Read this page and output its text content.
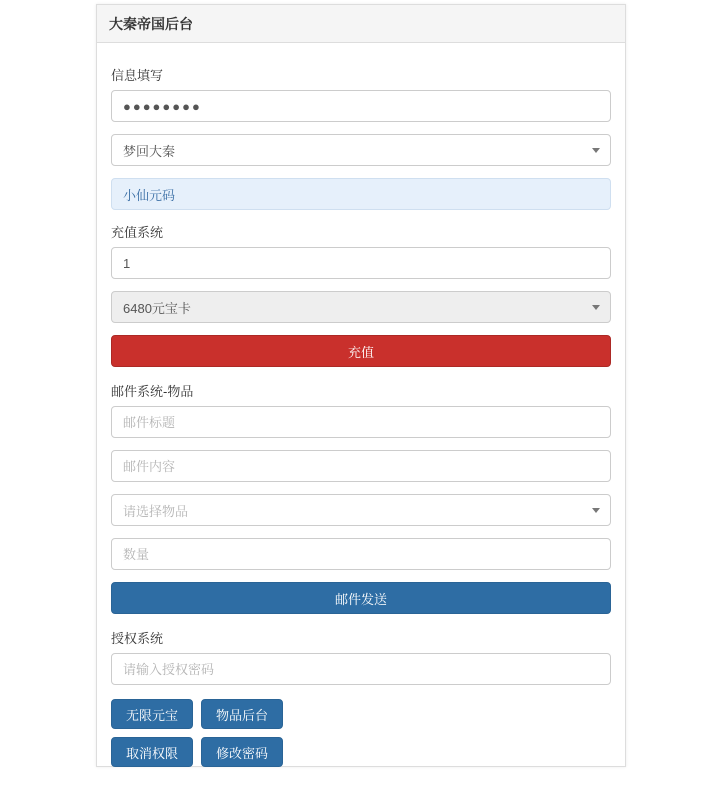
大秦帝国后台
信息填写
●●●●●●●●
梦回大秦
小仙元码
充值系统
1
6480元宝卡
充值
邮件系统-物品
邮件标题
邮件内容
请选择物品
数量 邮件发送
授权系统
请输入授权密码
无限元宝	物品后台
取消权限	修改密码
